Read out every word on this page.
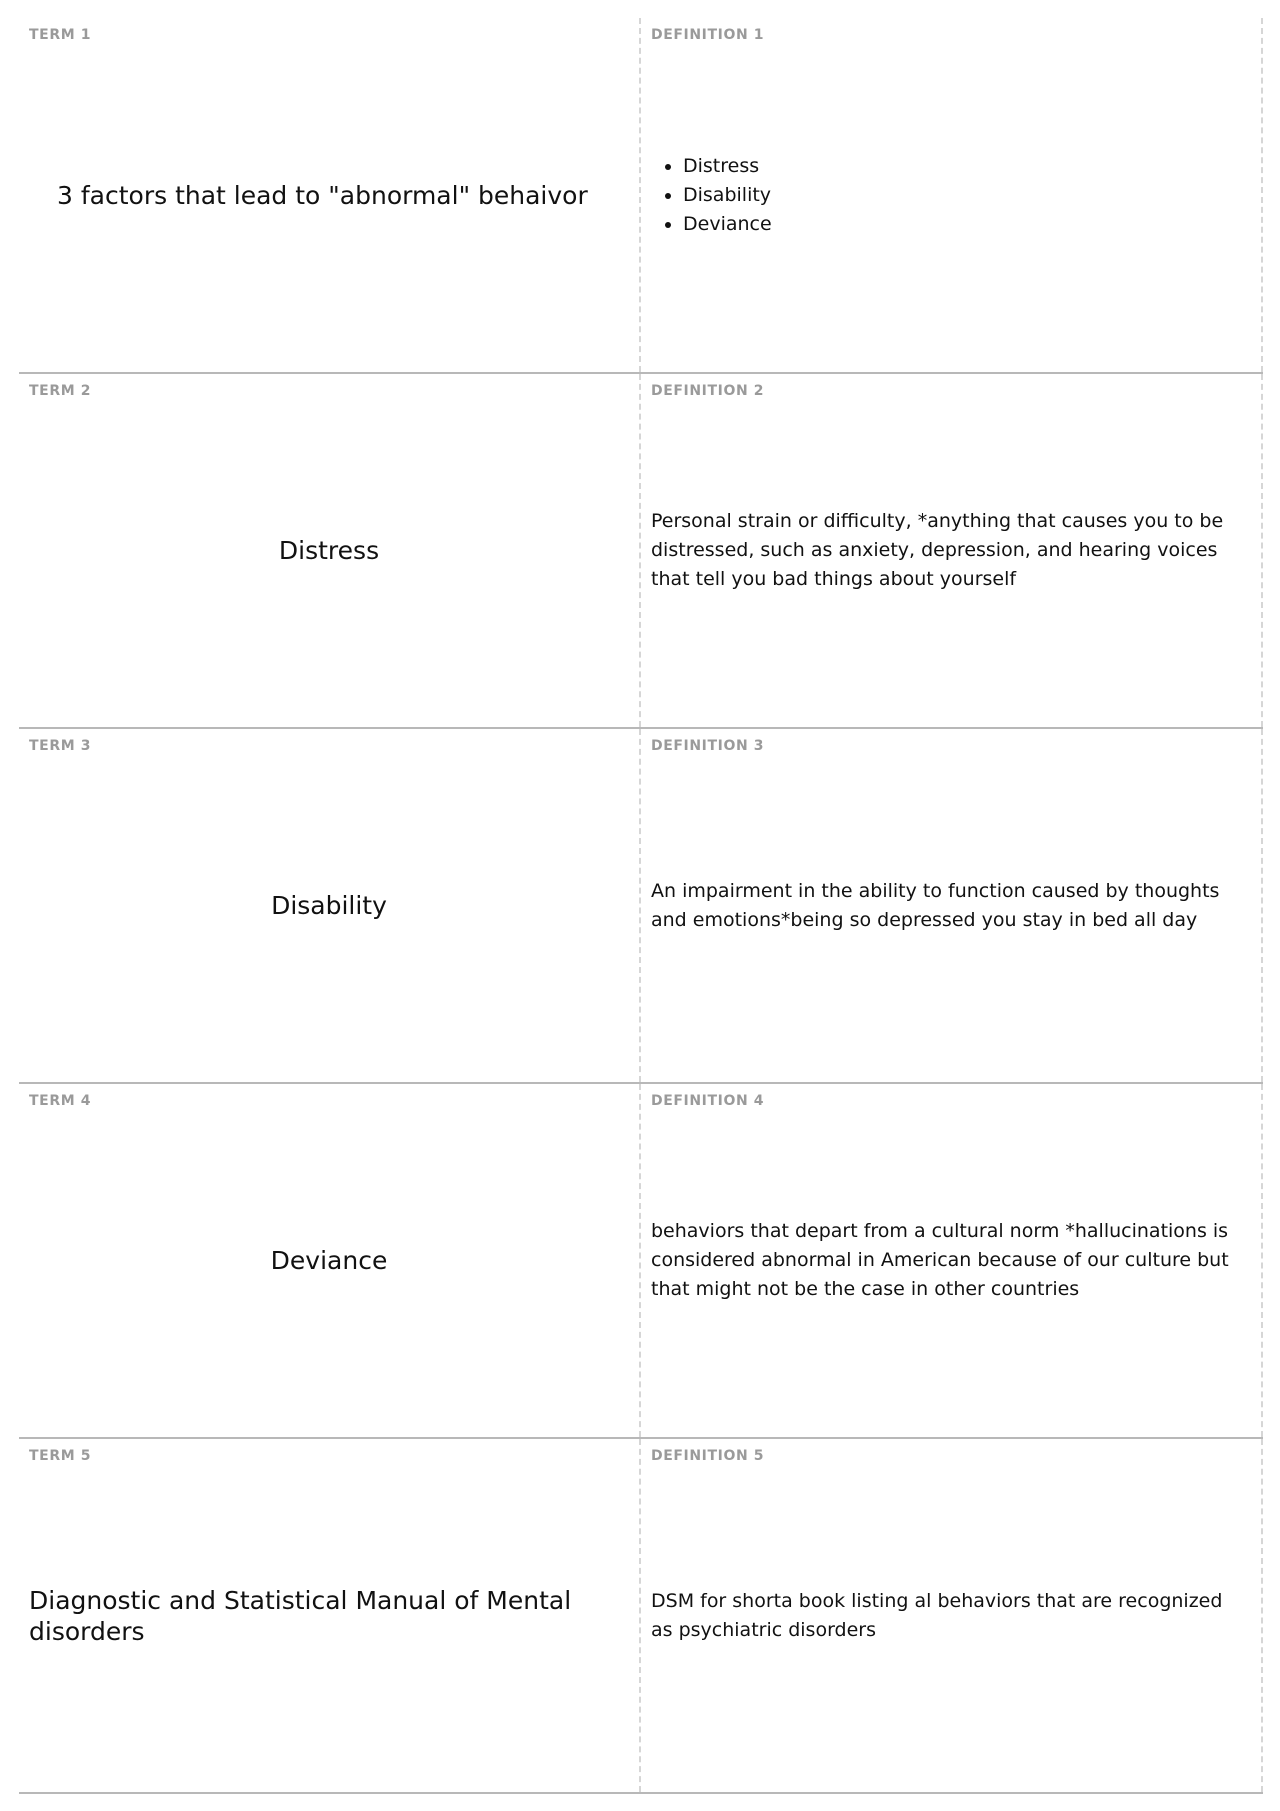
TERM 1
3 factors that lead to "abnormal" behaivor
DEFINITION 1
• Distress
• Disability
• Deviance
TERM 2
Distress
DEFINITION 2
Personal strain or difficulty, *anything that causes you to be distressed, such as anxiety, depression, and hearing voices that tell you bad things about yourself
TERM 3
Disability
DEFINITION 3
An impairment in the ability to function caused by thoughts and emotions*being so depressed you stay in bed all day
TERM 4
Deviance
DEFINITION 4
behaviors that depart from a cultural norm *hallucinations is considered abnormal in American because of our culture but that might not be the case in other countries
TERM 5
Diagnostic and Statistical Manual of Mental disorders
DEFINITION 5
DSM for shorta book listing al behaviors that are recognized as psychiatric disorders
